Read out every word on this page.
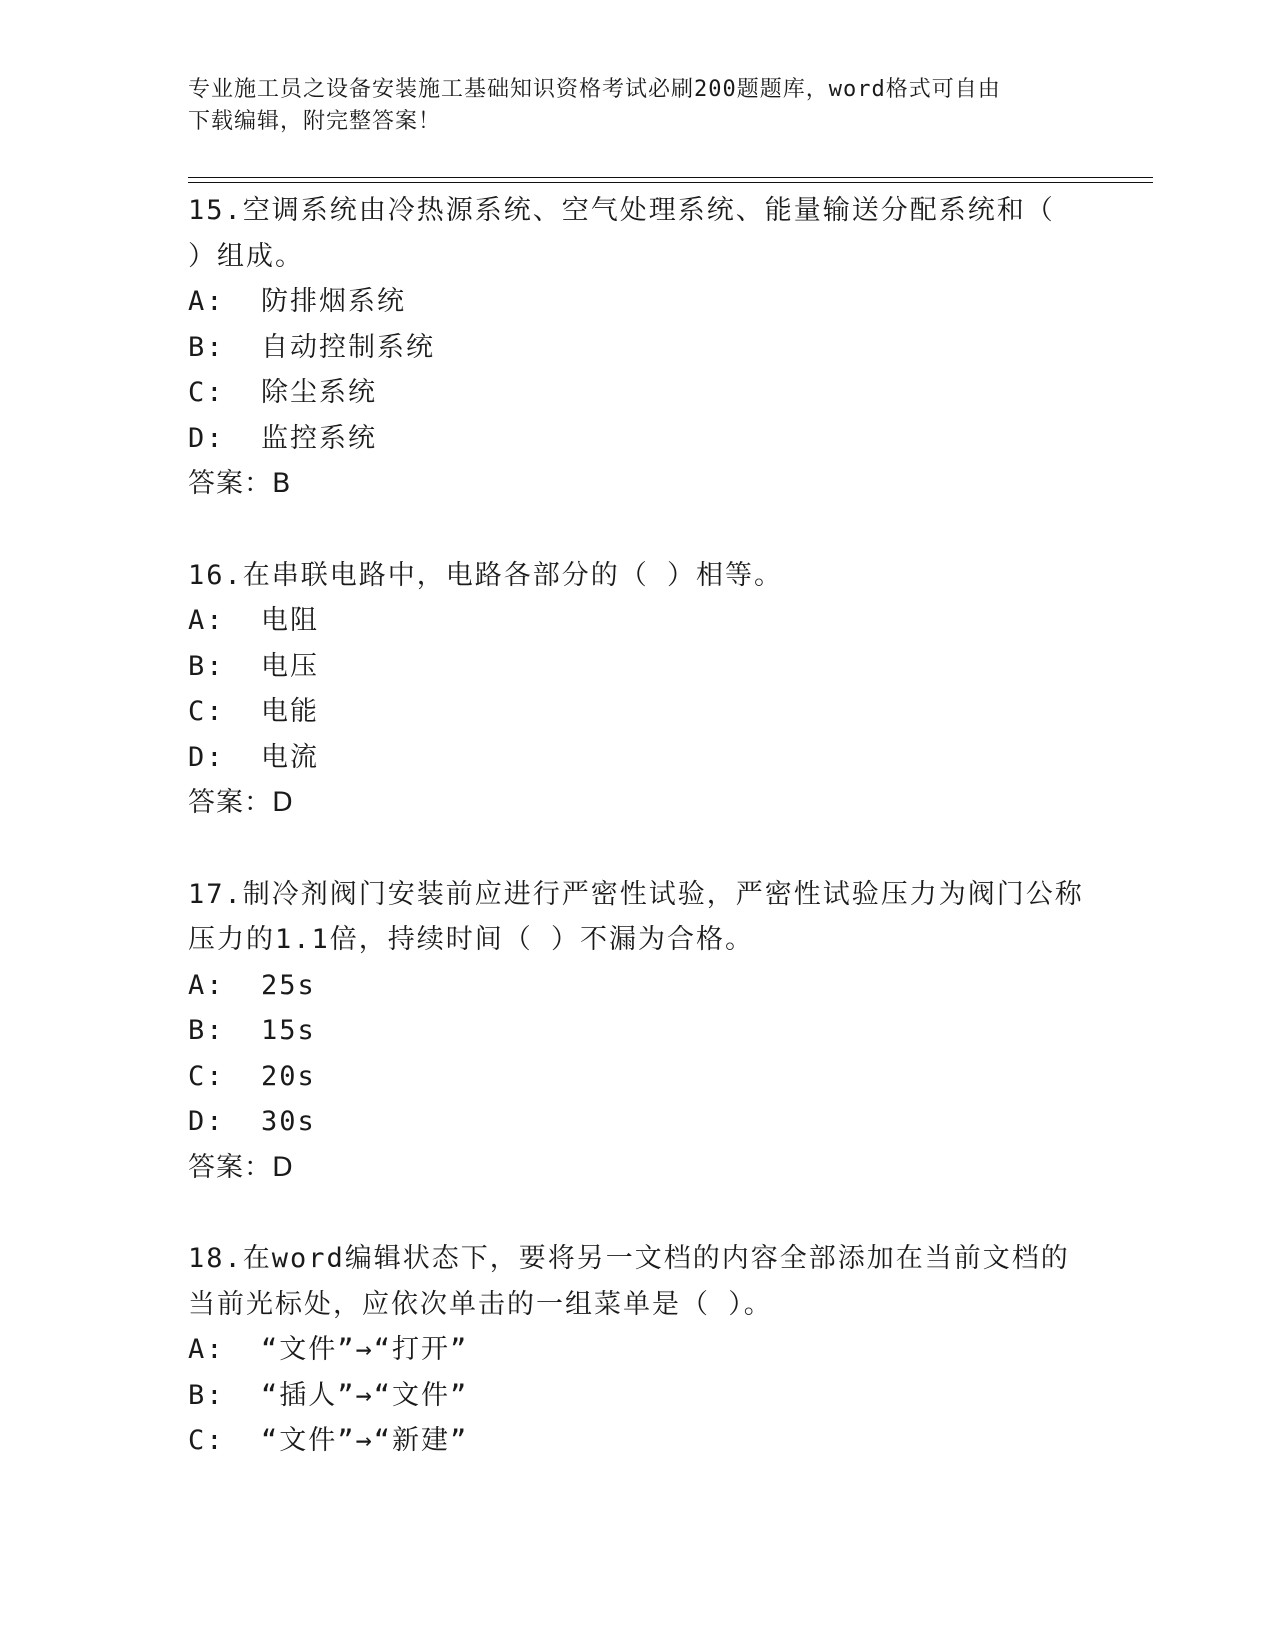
专业施工员之设备安装施工基础知识资格考试必刷200题题库，word格式可自由
下载编辑，附完整答案！
15.空调系统由冷热源系统、空气处理系统、能量输送分配系统和（
）组成。
A:  防排烟系统
B:  自动控制系统
C:  除尘系统
D:  监控系统
答案：B
16.在串联电路中，电路各部分的（ ）相等。
A:  电阻
B:  电压
C:  电能
D:  电流
答案：D
17.制冷剂阀门安装前应进行严密性试验，严密性试验压力为阀门公称
压力的1.1倍，持续时间（ ）不漏为合格。
A:  25s
B:  15s
C:  20s
D:  30s
答案：D
18.在word编辑状态下，要将另一文档的内容全部添加在当前文档的
当前光标处，应依次单击的一组菜单是（ ）。
A:  “文件”→“打开”
B:  “插人”→“文件”
C:  “文件”→“新建”
